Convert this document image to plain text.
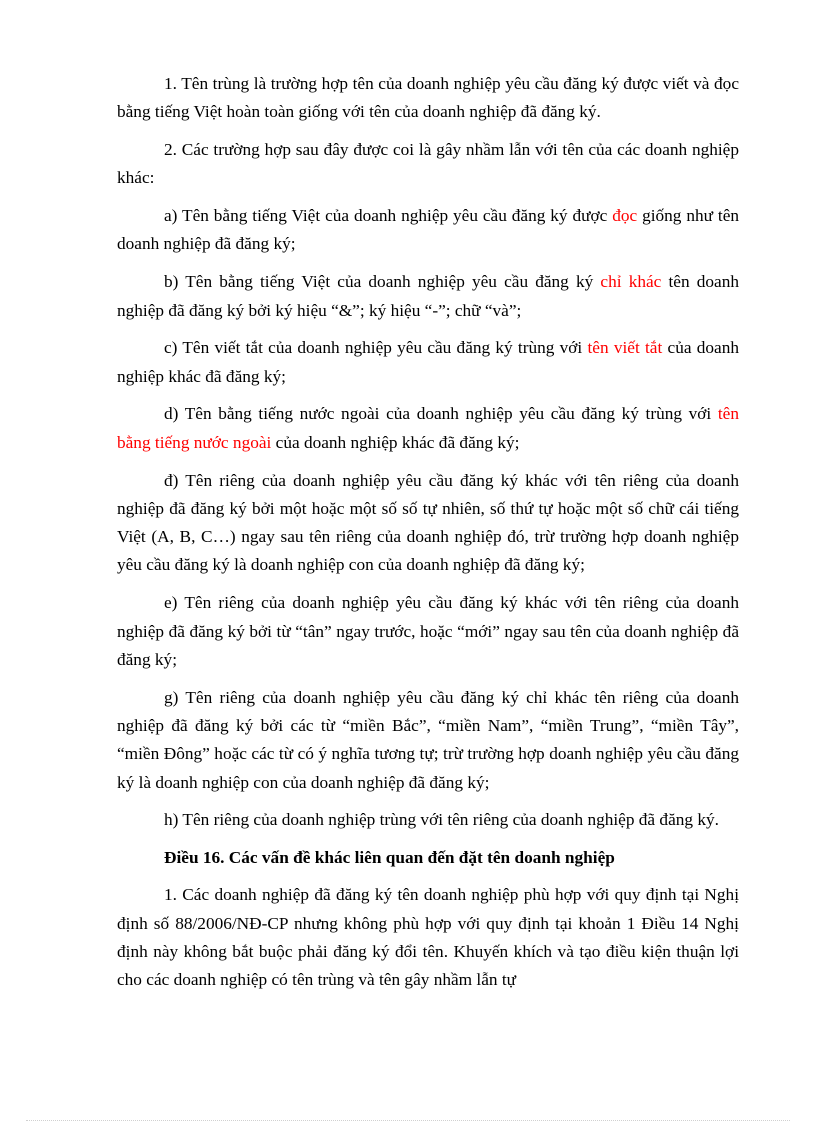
1. Tên trùng là trường hợp tên của doanh nghiệp yêu cầu đăng ký được viết và đọc bằng tiếng Việt hoàn toàn giống với tên của doanh nghiệp đã đăng ký.

2. Các trường hợp sau đây được coi là gây nhầm lẫn với tên của các doanh nghiệp khác:

a) Tên bằng tiếng Việt của doanh nghiệp yêu cầu đăng ký được đọc giống như tên doanh nghiệp đã đăng ký;

b) Tên bằng tiếng Việt của doanh nghiệp yêu cầu đăng ký chỉ khác tên doanh nghiệp đã đăng ký bởi ký hiệu “&”; ký hiệu “-”; chữ “và”;

c) Tên viết tắt của doanh nghiệp yêu cầu đăng ký trùng với tên viết tắt của doanh nghiệp khác đã đăng ký;

d) Tên bằng tiếng nước ngoài của doanh nghiệp yêu cầu đăng ký trùng với tên bằng tiếng nước ngoài của doanh nghiệp khác đã đăng ký;

đ) Tên riêng của doanh nghiệp yêu cầu đăng ký khác với tên riêng của doanh nghiệp đã đăng ký bởi một hoặc một số số tự nhiên, số thứ tự hoặc một số chữ cái tiếng Việt (A, B, C…) ngay sau tên riêng của doanh nghiệp đó, trừ trường hợp doanh nghiệp yêu cầu đăng ký là doanh nghiệp con của doanh nghiệp đã đăng ký;

e) Tên riêng của doanh nghiệp yêu cầu đăng ký khác với tên riêng của doanh nghiệp đã đăng ký bởi từ “tân” ngay trước, hoặc “mới” ngay sau tên của doanh nghiệp đã đăng ký;

g) Tên riêng của doanh nghiệp yêu cầu đăng ký chỉ khác tên riêng của doanh nghiệp đã đăng ký bởi các từ “miền Bắc”, “miền Nam”, “miền Trung”, “miền Tây”, “miền Đông” hoặc các từ có ý nghĩa tương tự; trừ trường hợp doanh nghiệp yêu cầu đăng ký là doanh nghiệp con của doanh nghiệp đã đăng ký;

h) Tên riêng của doanh nghiệp trùng với tên riêng của doanh nghiệp đã đăng ký.

Điều 16. Các vấn đề khác liên quan đến đặt tên doanh nghiệp

1. Các doanh nghiệp đã đăng ký tên doanh nghiệp phù hợp với quy định tại Nghị định số 88/2006/NĐ-CP nhưng không phù hợp với quy định tại khoản 1 Điều 14 Nghị định này không bắt buộc phải đăng ký đổi tên. Khuyến khích và tạo điều kiện thuận lợi cho các doanh nghiệp có tên trùng và tên gây nhầm lẫn tự
